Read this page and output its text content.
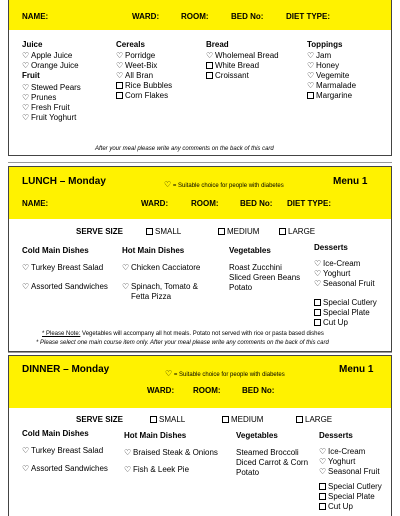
NAME:	WARD:	ROOM:	BED No:	DIET TYPE:
Juice
♡ Apple Juice
♡ Orange Juice
Fruit
♡ Stewed Pears
♡ Prunes
♡ Fresh Fruit
♡ Fruit Yoghurt
Cereals
♡ Porridge
♡ Weet-Bix
♡ All Bran
Rice Bubbles
Corn Flakes
Bread
♡ Wholemeal Bread
White Bread
Croissant
Toppings
♡ Jam
♡ Honey
♡ Vegemite
♡ Marmalade
Margarine
After your meal please write any comments on the back of this card
LUNCH – Monday	♡ = Suitable choice for people with diabetes	Menu 1
NAME:	WARD:	ROOM:	BED No: DIET TYPE:
SERVE SIZE	SMALL	MEDIUM	LARGE
Cold Main Dishes
♡ Turkey Breast Salad
♡ Assorted Sandwiches
Hot Main Dishes
♡ Chicken Cacciatore
♡ Spinach, Tomato &
Fetta Pizza
Vegetables
Roast Zucchini
Sliced Green Beans
Potato
Desserts
♡ Ice-Cream
♡ Yoghurt
♡ Seasonal Fruit
Special Cutlery
Special Plate
Cut Up
* Please Note: Vegetables will accompany all hot meals. Potato not served with rice or pasta based dishes
* Please select one main course item only. After your meal please write any comments on the back of this card
DINNER – Monday	♡ = Suitable choice for people with diabetes	Menu 1
WARD: ROOM:	BED No:
SERVE SIZE	SMALL	MEDIUM	LARGE
Cold Main Dishes
♡ Turkey Breast Salad
♡ Assorted Sandwiches
Hot Main Dishes
♡ Braised Steak & Onions
♡ Fish & Leek Pie
Vegetables
Steamed Broccoli
Diced Carrot & Corn
Potato
Desserts
♡ Ice-Cream
♡ Yoghurt
♡ Seasonal Fruit
Special Cutlery
Special Plate
Cut Up
